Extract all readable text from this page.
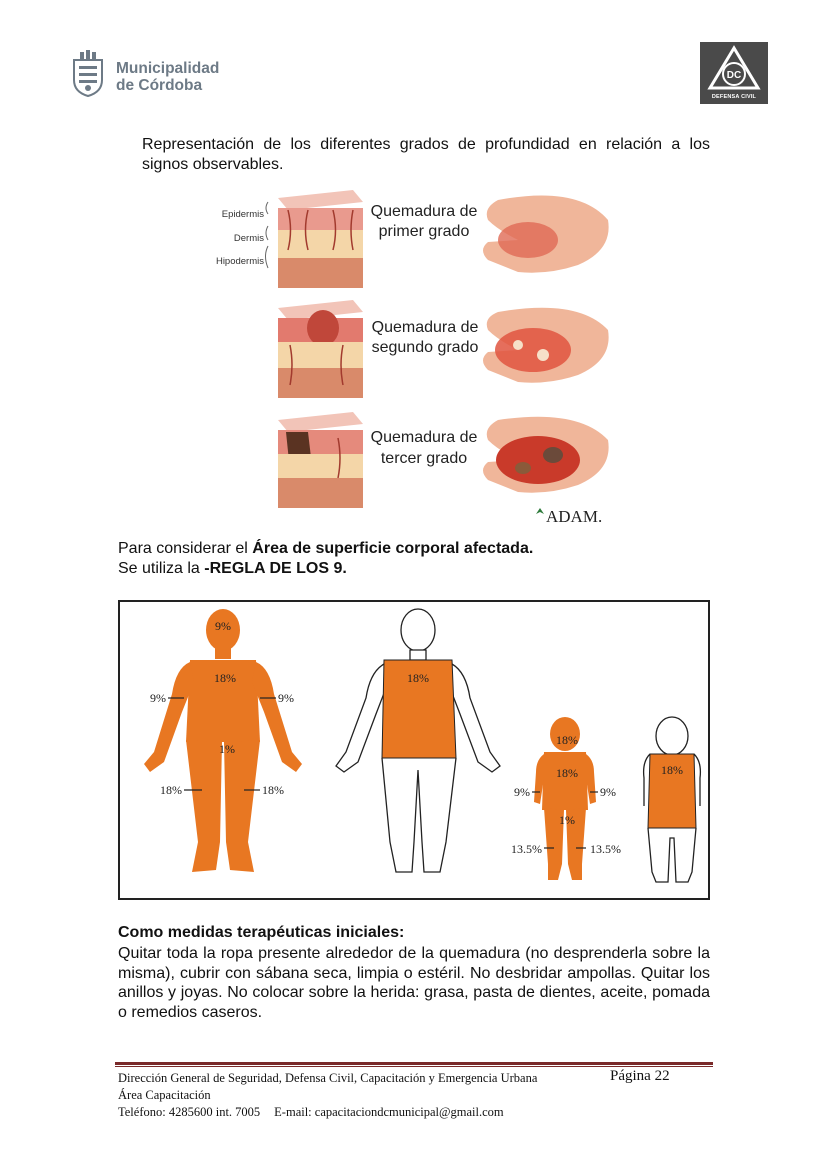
Municipalidad
de Córdoba
DC
DEFENSA CIVIL
Representación de los diferentes grados de profundidad en relación a los signos observables.
Epidermis
Dermis
Hipodermis
Quemadura de
primer grado
Quemadura de
segundo grado
Quemadura de
tercer grado
ADAM.
Para considerar el Área de superficie corporal afectada.
Se utiliza la -REGLA DE LOS 9.
9%
18%
9%	9%
1%
18%	18%
18%
18%
18%
9%	9%
1%
13.5%	13.5%
18%
Como medidas terapéuticas iniciales:
Quitar toda la ropa presente alrededor de la quemadura (no desprenderla sobre la misma), cubrir con sábana seca, limpia o estéril. No desbridar ampollas. Quitar los anillos y joyas. No colocar sobre la herida: grasa, pasta de dientes, aceite, pomada o remedios caseros.
Dirección General de Seguridad, Defensa Civil, Capacitación y Emergencia Urbana	Página 22
Área Capacitación
Teléfono: 4285600 int. 7005 E-mail: capacitaciondcmunicipal@gmail.com
